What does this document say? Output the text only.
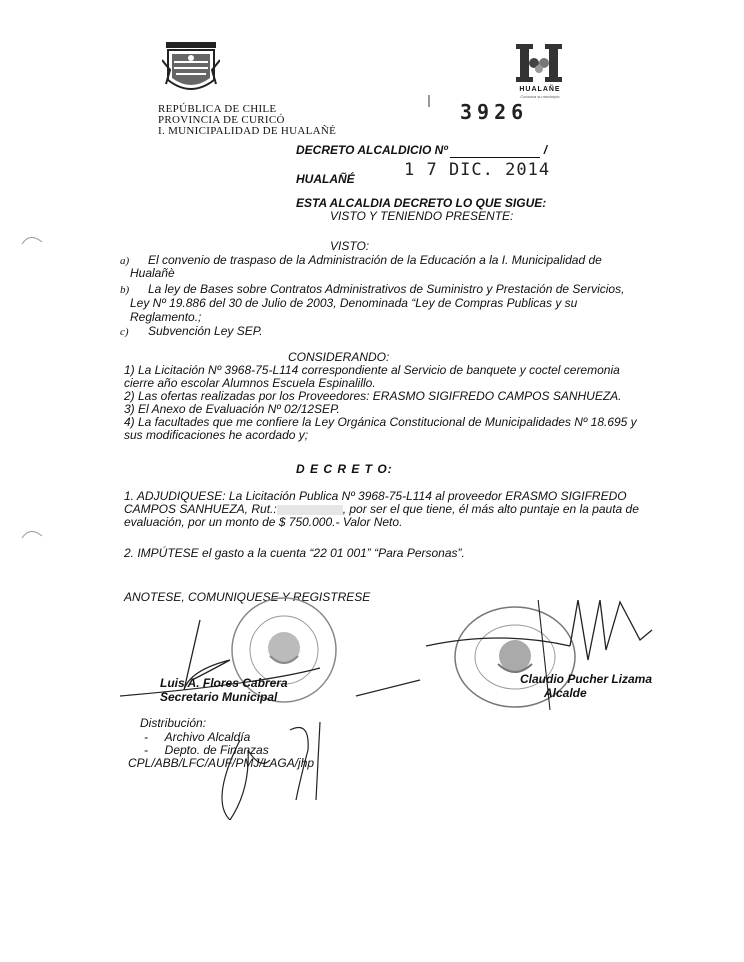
HUALAÑE
Conozca su municipio
REPÚBLICA DE CHILE
PROVINCIA DE CURICÓ
I. MUNICIPALIDAD DE HUALAÑÉ
3926
DECRETO ALCALDICIO Nº	/
HUALAÑÉ	1 7 DIC. 2014
ESTA ALCALDIA DECRETO LO QUE SIGUE:
VISTO Y TENIENDO PRESENTE:
VISTO:
a) El convenio de traspaso de la Administración de la Educación a la I. Municipalidad de
Hualañè
b) La ley de Bases sobre Contratos Administrativos de Suministro y Prestación de Servicios,
Ley Nº 19.886 del 30 de Julio de 2003, Denominada “Ley de Compras Publicas y su
Reglamento.;
c) Subvención Ley SEP.
CONSIDERANDO:
1) La Licitación Nº 3968-75-L114 correspondiente al Servicio de banquete y coctel ceremonia
cierre año escolar Alumnos Escuela Espinalillo.
2) Las ofertas realizadas por los Proveedores: ERASMO SIGIFREDO CAMPOS SANHUEZA.
3) El Anexo de Evaluación Nº 02/12SEP.
4) La facultades que me confiere la Ley Orgánica Constitucional de Municipalidades Nº 18.695 y
sus modificaciones he acordado y;
D E C R E T O:
1. ADJUDIQUESE: La Licitación Publica Nº 3968-75-L114 al proveedor ERASMO SIGIFREDO
CAMPOS SANHUEZA, Rut.:	, por ser el que tiene, él más alto puntaje en la pauta de
evaluación, por un monto de $ 750.000.- Valor Neto.
2. IMPÚTESE el gasto a la cuenta “22 01 001” “Para Personas”.
ANOTESE, COMUNIQUESE Y REGISTRESE
Luis A. Flores Cabrera
Secretario Municipal
Claudio Pucher Lizama
Alcalde
Distribución:
-     Archivo Alcaldía
-     Depto. de Finanzas
CPL/ABB/LFC/AUF/PMJ/LAGA/jhp
